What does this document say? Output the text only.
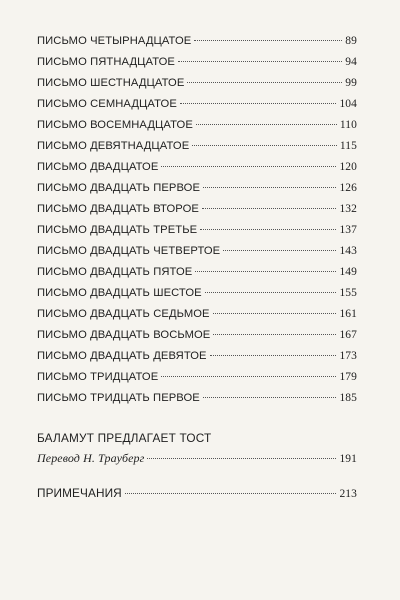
ПИСЬМО ЧЕТЫРНАДЦАТОЕ	89
ПИСЬМО ПЯТНАДЦАТОЕ	94
ПИСЬМО ШЕСТНАДЦАТОЕ	99
ПИСЬМО СЕМНАДЦАТОЕ	104
ПИСЬМО ВОСЕМНАДЦАТОЕ	110
ПИСЬМО ДЕВЯТНАДЦАТОЕ	115
ПИСЬМО ДВАДЦАТОЕ	120
ПИСЬМО ДВАДЦАТЬ ПЕРВОЕ	126
ПИСЬМО ДВАДЦАТЬ ВТОРОЕ	132
ПИСЬМО ДВАДЦАТЬ ТРЕТЬЕ	137
ПИСЬМО ДВАДЦАТЬ ЧЕТВЕРТОЕ	143
ПИСЬМО ДВАДЦАТЬ ПЯТОЕ	149
ПИСЬМО ДВАДЦАТЬ ШЕСТОЕ	155
ПИСЬМО ДВАДЦАТЬ СЕДЬМОЕ	161
ПИСЬМО ДВАДЦАТЬ ВОСЬМОЕ	167
ПИСЬМО ДВАДЦАТЬ ДЕВЯТОЕ	173
ПИСЬМО ТРИДЦАТОЕ	179
ПИСЬМО ТРИДЦАТЬ ПЕРВОЕ	185
БАЛАМУТ ПРЕДЛАГАЕТ ТОСТ
Перевод Н. Трауберг	191
ПРИМЕЧАНИЯ	213
